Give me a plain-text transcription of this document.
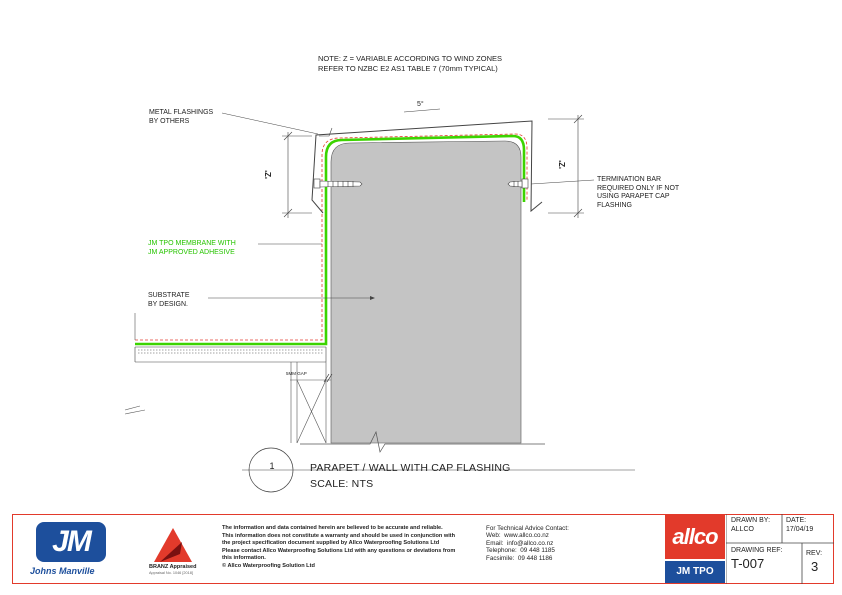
NOTE: Z = VARIABLE ACCORDING TO WIND ZONES
REFER TO NZBC E2 AS1 TABLE 7 (70mm TYPICAL)
5°
'Z'
'Z'
METAL FLASHINGS
BY OTHERS
TERMINATION BAR
REQUIRED ONLY IF NOT
USING PARAPET CAP
FLASHING
JM TPO MEMBRANE WITH
JM APPROVED ADHESIVE
SUBSTRATE
BY DESIGN.
5MM GAP
1	PARAPET / WALL WITH CAP FLASHING
SCALE: NTS
JM
Johns Manville	BRANZ Appraised
Appraisal No. 1046 [2018]
The information and data contained herein are believed to be accurate and reliable.
This information does not constitute a warranty and should be used in conjunction with
the project specification document supplied by Allco Waterproofing Solutions Ltd
Please contact Allco Waterproofing Solutions Ltd with any questions or deviations from
this information.
© Allco Waterproofing Solution Ltd
For Technical Advice Contact:
Web:  www.allco.co.nz
Email:  info@allco.co.nz
Telephone:  09 448 1185
Facsimile:  09 448 1186
allco
JM TPO
DRAWN BY:
ALLCO
DATE:
17/04/19
DRAWING REF:
T-007
REV:
3
